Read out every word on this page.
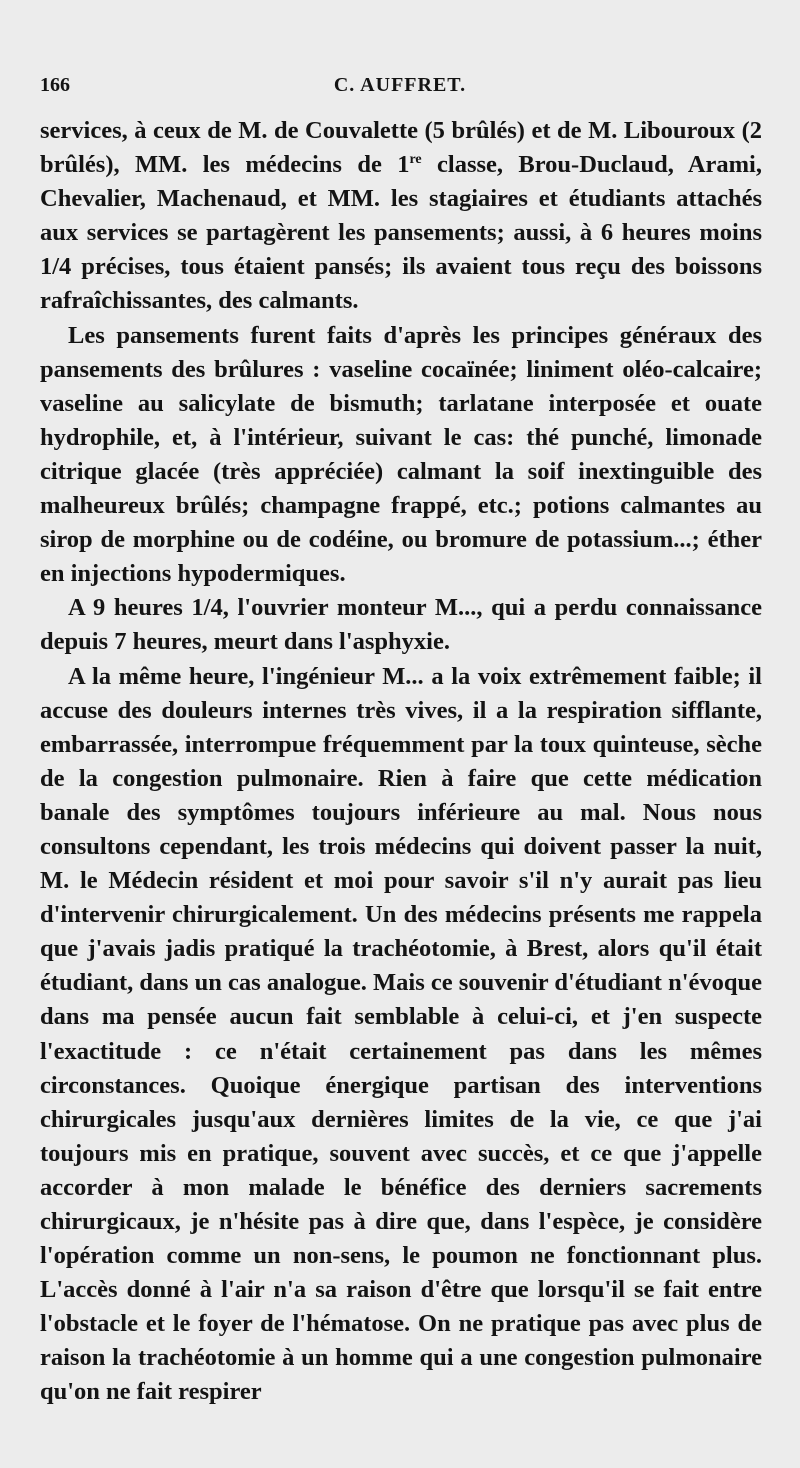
166	C. AUFFRET.

services, à ceux de M. de Couvalette (5 brûlés) et de M. Libouroux (2 brûlés), MM. les médecins de 1re classe, Brou-Duclaud, Arami, Chevalier, Machenaud, et MM. les stagiaires et étudiants attachés aux services se partagèrent les pansements; aussi, à 6 heures moins 1/4 précises, tous étaient pansés; ils avaient tous reçu des boissons rafraîchissantes, des calmants.

Les pansements furent faits d'après les principes généraux des pansements des brûlures : vaseline cocaïnée; liniment oléo-calcaire; vaseline au salicylate de bismuth; tarlatane interposée et ouate hydrophile, et, à l'intérieur, suivant le cas: thé punché, limonade citrique glacée (très appréciée) calmant la soif inextinguible des malheureux brûlés; champagne frappé, etc.; potions calmantes au sirop de morphine ou de codéine, ou bromure de potassium...; éther en injections hypodermiques.

A 9 heures 1/4, l'ouvrier monteur M..., qui a perdu connaissance depuis 7 heures, meurt dans l'asphyxie.

A la même heure, l'ingénieur M... a la voix extrêmement faible; il accuse des douleurs internes très vives, il a la respiration sifflante, embarrassée, interrompue fréquemment par la toux quinteuse, sèche de la congestion pulmonaire. Rien à faire que cette médication banale des symptômes toujours inférieure au mal. Nous nous consultons cependant, les trois médecins qui doivent passer la nuit, M. le Médecin résident et moi pour savoir s'il n'y aurait pas lieu d'intervenir chirurgicalement. Un des médecins présents me rappela que j'avais jadis pratiqué la trachéotomie, à Brest, alors qu'il était étudiant, dans un cas analogue. Mais ce souvenir d'étudiant n'évoque dans ma pensée aucun fait semblable à celui-ci, et j'en suspecte l'exactitude : ce n'était certainement pas dans les mêmes circonstances. Quoique énergique partisan des interventions chirurgicales jusqu'aux dernières limites de la vie, ce que j'ai toujours mis en pratique, souvent avec succès, et ce que j'appelle accorder à mon malade le bénéfice des derniers sacrements chirurgicaux, je n'hésite pas à dire que, dans l'espèce, je considère l'opération comme un non-sens, le poumon ne fonctionnant plus. L'accès donné à l'air n'a sa raison d'être que lorsqu'il se fait entre l'obstacle et le foyer de l'hématose. On ne pratique pas avec plus de raison la trachéotomie à un homme qui a une congestion pulmonaire qu'on ne fait respirer
